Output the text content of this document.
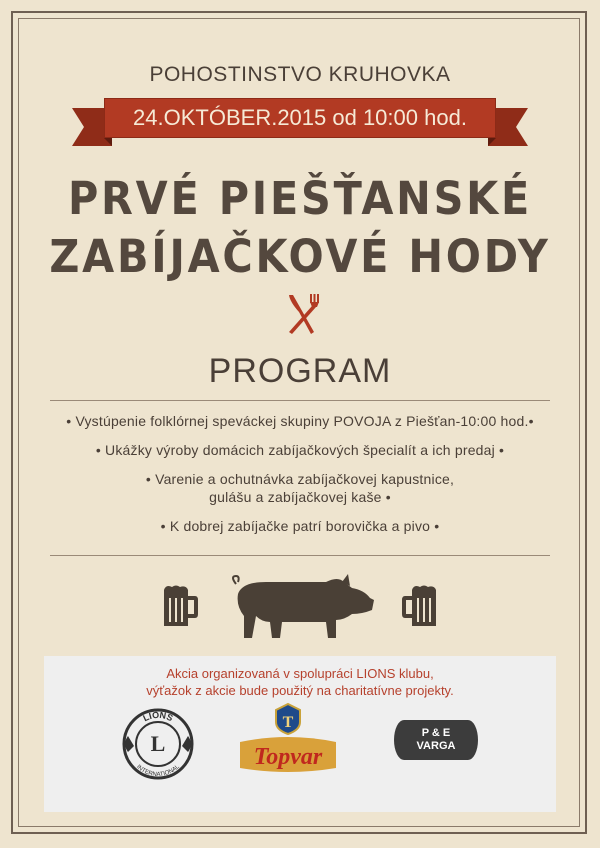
POHOSTINSTVO KRUHOVKA
24.OKTÓBER.2015 od 10:00 hod.
PRVÉ PIEŠŤANSKÉ
ZABÍJAČKOVÉ HODY
PROGRAM
• Vystúpenie folklórnej speváckej skupiny POVOJA z Piešťan-10:00 hod.•
• Ukážky výroby domácich zabíjačkových špecialít a ich predaj •
• Varenie a ochutnávka zabíjačkovej kapustnice,
gulášu a zabíjačkovej kaše •
• K dobrej zabíjačke patrí borovička a pivo •
Akcia organizovaná v spolupráci LIONS klubu,
výťažok z akcie bude použitý na charitatívne projekty.
LIONS
L
INTERNATIONAL
T
Topvar
P & E
VARGA
